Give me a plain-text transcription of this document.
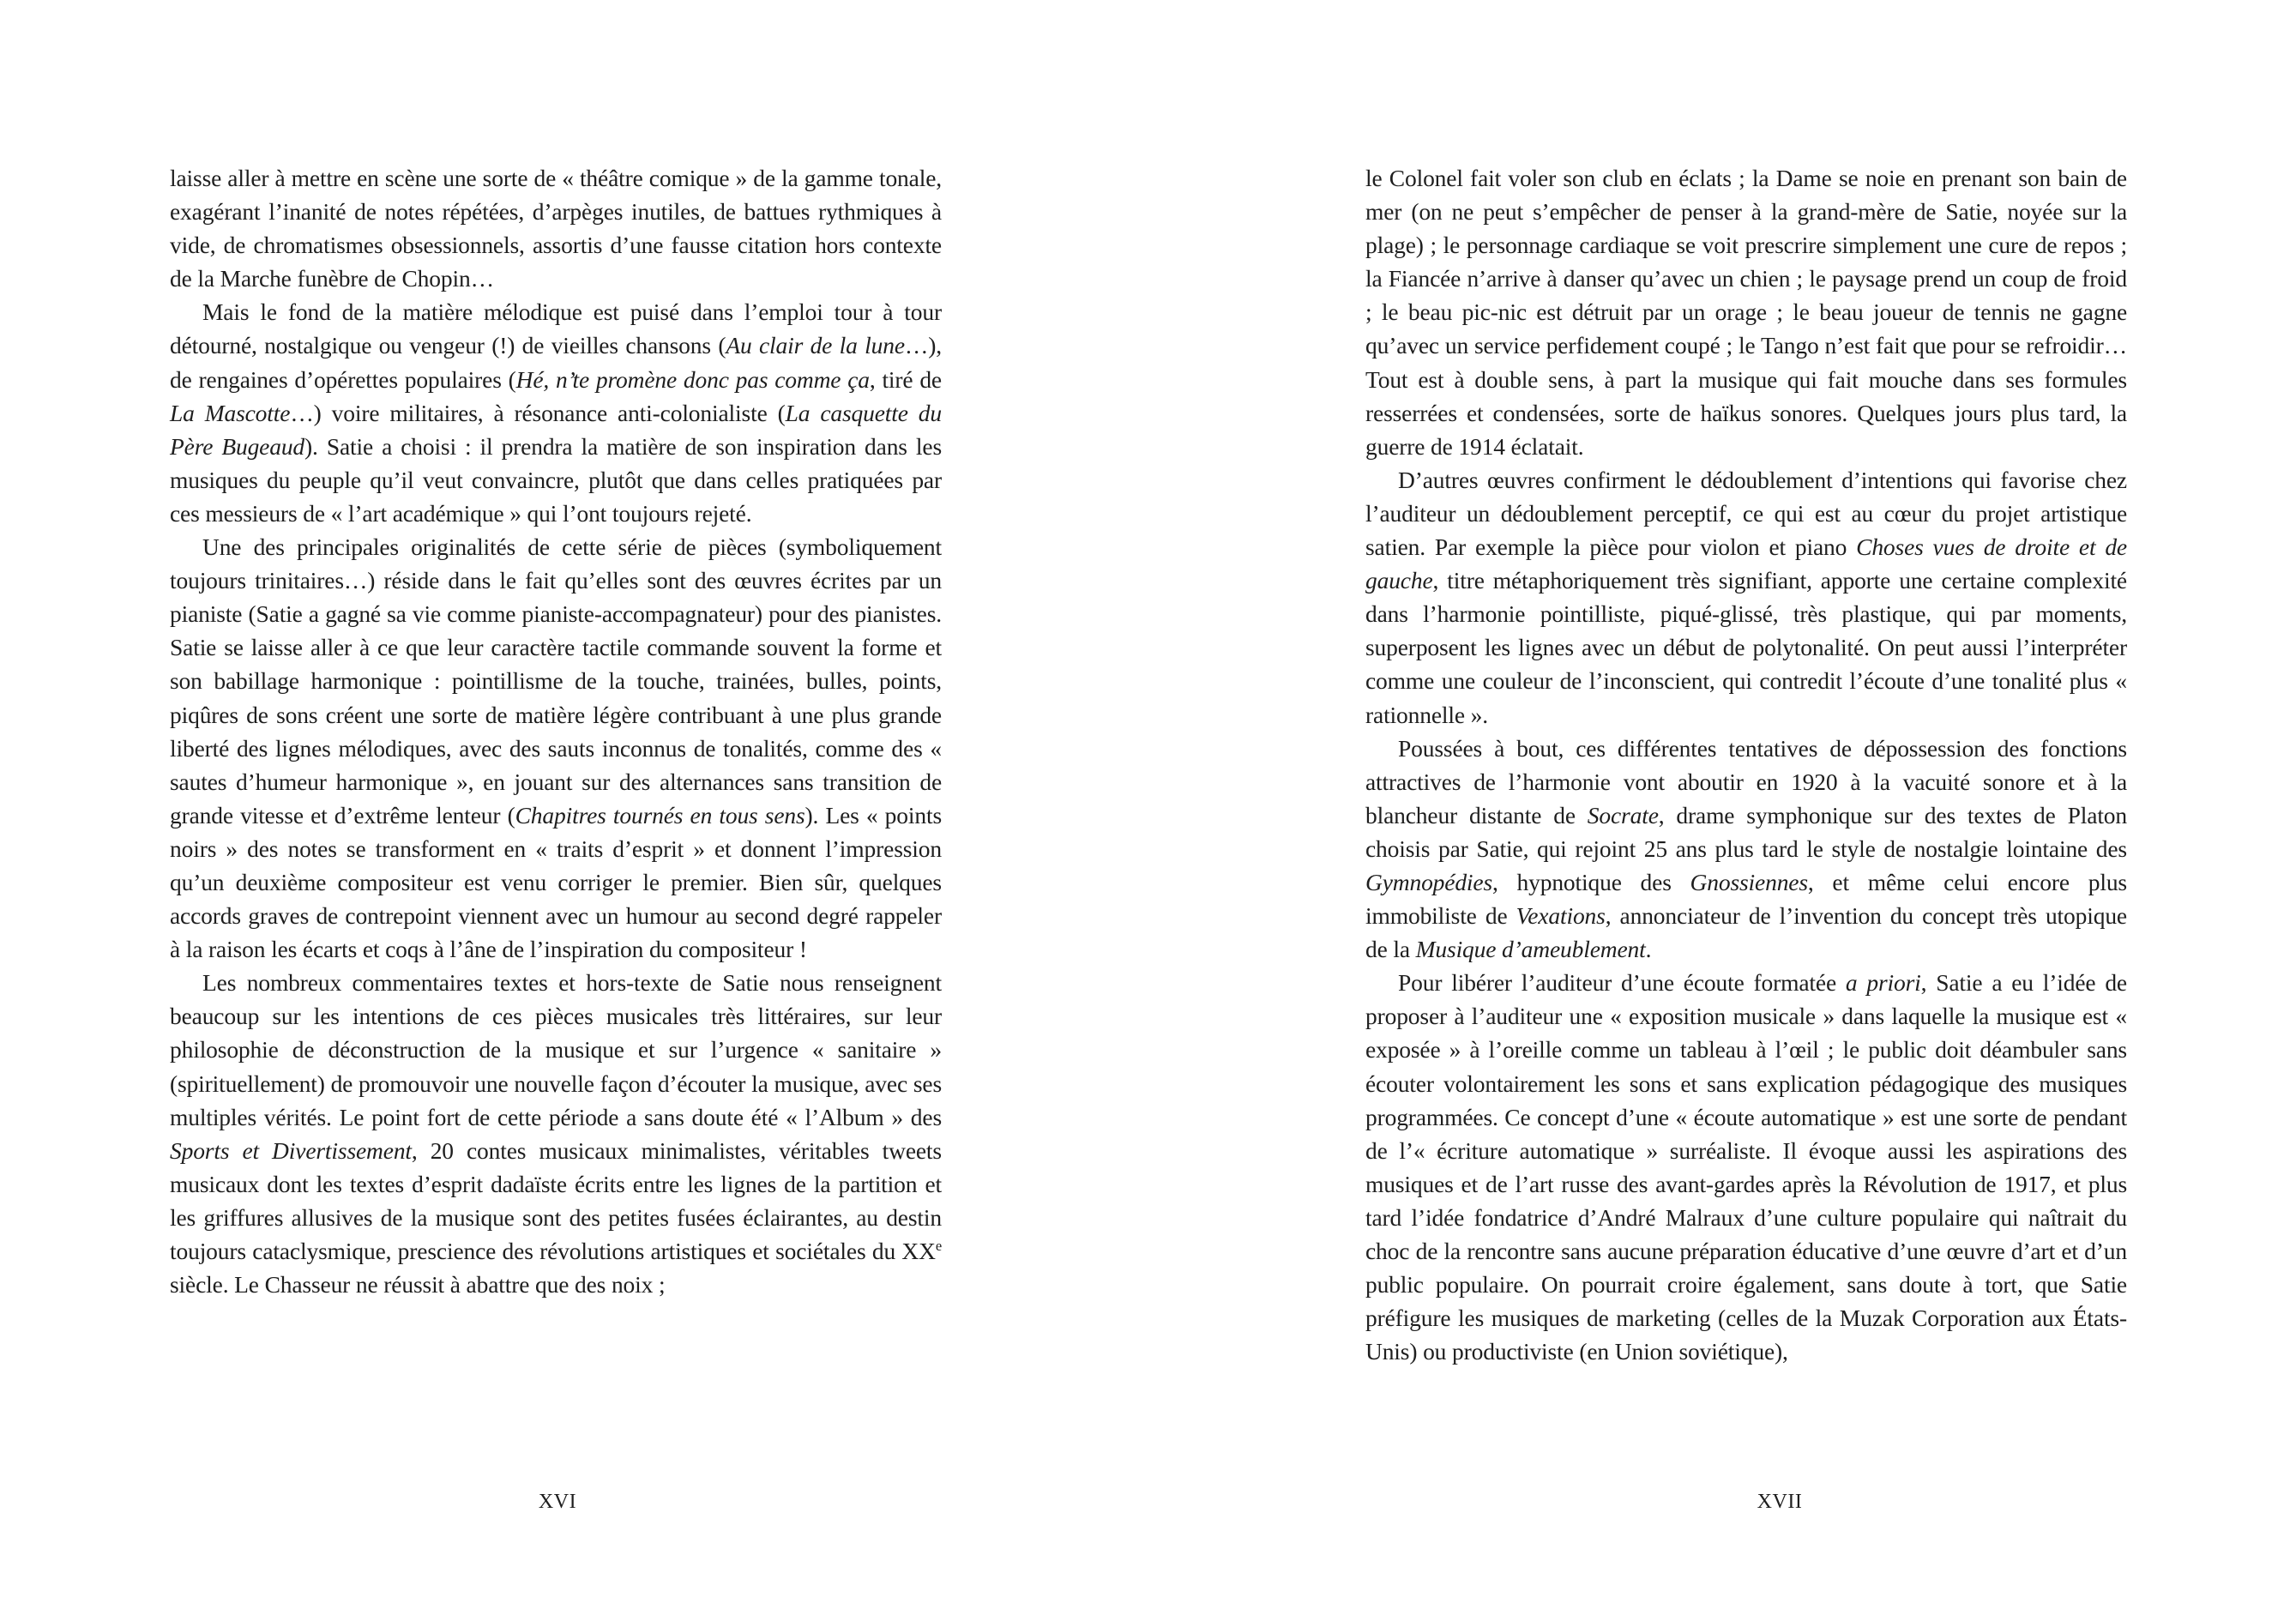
laisse aller à mettre en scène une sorte de « théâtre comique » de la gamme tonale, exagérant l’inanité de notes répétées, d’arpèges inutiles, de battues rythmiques à vide, de chromatismes obsessionnels, assortis d’une fausse citation hors contexte de la Marche funèbre de Chopin…

Mais le fond de la matière mélodique est puisé dans l’emploi tour à tour détourné, nostalgique ou vengeur (!) de vieilles chansons (Au clair de la lune…), de rengaines d’opérettes populaires (Hé, n’te promène donc pas comme ça, tiré de La Mascotte…) voire militaires, à résonance anti-colonialiste (La casquette du Père Bugeaud). Satie a choisi : il prendra la matière de son inspiration dans les musiques du peuple qu’il veut convaincre, plutôt que dans celles pratiquées par ces messieurs de « l’art académique » qui l’ont toujours rejeté.

Une des principales originalités de cette série de pièces (symboliquement toujours trinitaires…) réside dans le fait qu’elles sont des œuvres écrites par un pianiste (Satie a gagné sa vie comme pianiste-accompagnateur) pour des pianistes. Satie se laisse aller à ce que leur caractère tactile commande souvent la forme et son babillage harmonique : pointillisme de la touche, trainées, bulles, points, piqûres de sons créent une sorte de matière légère contribuant à une plus grande liberté des lignes mélodiques, avec des sauts inconnus de tonalités, comme des « sautes d’humeur harmonique », en jouant sur des alternances sans transition de grande vitesse et d’extrême lenteur (Chapitres tournés en tous sens). Les « points noirs » des notes se transforment en « traits d’esprit » et donnent l’impression qu’un deuxième compositeur est venu corriger le premier. Bien sûr, quelques accords graves de contrepoint viennent avec un humour au second degré rappeler à la raison les écarts et coqs à l’âne de l’inspiration du compositeur !

Les nombreux commentaires textes et hors-texte de Satie nous renseignent beaucoup sur les intentions de ces pièces musicales très littéraires, sur leur philosophie de déconstruction de la musique et sur l’urgence « sanitaire » (spirituellement) de promouvoir une nouvelle façon d’écouter la musique, avec ses multiples vérités. Le point fort de cette période a sans doute été « l’Album » des Sports et Divertissement, 20 contes musicaux minimalistes, véritables tweets musicaux dont les textes d’esprit dadaïste écrits entre les lignes de la partition et les griffures allusives de la musique sont des petites fusées éclairantes, au destin toujours cataclysmique, prescience des révolutions artistiques et sociétales du XXe siècle. Le Chasseur ne réussit à abattre que des noix ;

XVI

le Colonel fait voler son club en éclats ; la Dame se noie en prenant son bain de mer (on ne peut s’empêcher de penser à la grand-mère de Satie, noyée sur la plage) ; le personnage cardiaque se voit prescrire simplement une cure de repos ; la Fiancée n’arrive à danser qu’avec un chien ; le paysage prend un coup de froid ; le beau pic-nic est détruit par un orage ; le beau joueur de tennis ne gagne qu’avec un service perfidement coupé ; le Tango n’est fait que pour se refroidir… Tout est à double sens, à part la musique qui fait mouche dans ses formules resserrées et condensées, sorte de haïkus sonores. Quelques jours plus tard, la guerre de 1914 éclatait.

D’autres œuvres confirment le dédoublement d’intentions qui favorise chez l’auditeur un dédoublement perceptif, ce qui est au cœur du projet artistique satien. Par exemple la pièce pour violon et piano Choses vues de droite et de gauche, titre métaphoriquement très signifiant, apporte une certaine complexité dans l’harmonie pointilliste, piqué-glissé, très plastique, qui par moments, superposent les lignes avec un début de polytonalité. On peut aussi l’interpréter comme une couleur de l’inconscient, qui contredit l’écoute d’une tonalité plus « rationnelle ».

Poussées à bout, ces différentes tentatives de dépossession des fonctions attractives de l’harmonie vont aboutir en 1920 à la vacuité sonore et à la blancheur distante de Socrate, drame symphonique sur des textes de Platon choisis par Satie, qui rejoint 25 ans plus tard le style de nostalgie lointaine des Gymnopédies, hypnotique des Gnossiennes, et même celui encore plus immobiliste de Vexations, annonciateur de l’invention du concept très utopique de la Musique d’ameublement.

Pour libérer l’auditeur d’une écoute formatée a priori, Satie a eu l’idée de proposer à l’auditeur une « exposition musicale » dans laquelle la musique est « exposée » à l’oreille comme un tableau à l’œil ; le public doit déambuler sans écouter volontairement les sons et sans explication pédagogique des musiques programmées. Ce concept d’une « écoute automatique » est une sorte de pendant de l’« écriture automatique » surréaliste. Il évoque aussi les aspirations des musiques et de l’art russe des avant-gardes après la Révolution de 1917, et plus tard l’idée fondatrice d’André Malraux d’une culture populaire qui naîtrait du choc de la rencontre sans aucune préparation éducative d’une œuvre d’art et d’un public populaire. On pourrait croire également, sans doute à tort, que Satie préfigure les musiques de marketing (celles de la Muzak Corporation aux États-Unis) ou productiviste (en Union soviétique),

XVII
